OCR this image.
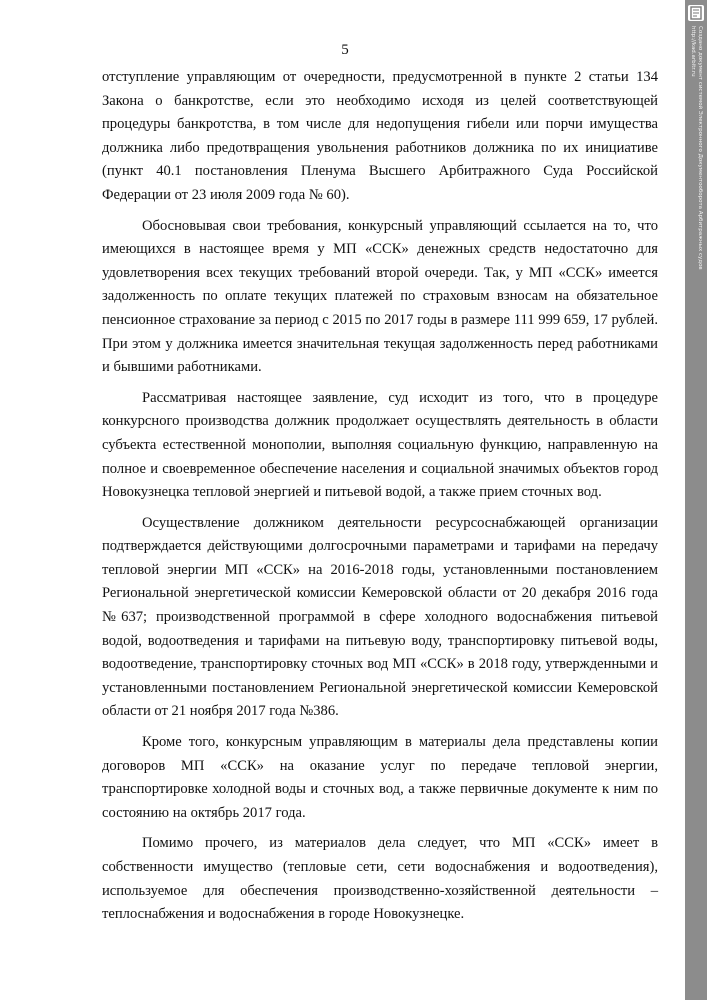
5

отступление управляющим от очередности, предусмотренной в пункте 2 статьи 134 Закона о банкротстве, если это необходимо исходя из целей соответствующей процедуры банкротства, в том числе для недопущения гибели или порчи имущества должника либо предотвращения увольнения работников должника по их инициативе (пункт 40.1 постановления Пленума Высшего Арбитражного Суда Российской Федерации от 23 июля 2009 года № 60).

Обосновывая свои требования, конкурсный управляющий ссылается на то, что имеющихся в настоящее время у МП «ССК» денежных средств недостаточно для удовлетворения всех текущих требований второй очереди. Так, у МП «ССК» имеется задолженность по оплате текущих платежей по страховым взносам на обязательное пенсионное страхование за период с 2015 по 2017 годы в размере 111 999 659, 17 рублей. При этом у должника имеется значительная текущая задолженность перед работниками и бывшими работниками.

Рассматривая настоящее заявление, суд исходит из того, что в процедуре конкурсного производства должник продолжает осуществлять деятельность в области субъекта естественной монополии, выполняя социальную функцию, направленную на полное и своевременное обеспечение населения и социальной значимых объектов город Новокузнецка тепловой энергией и питьевой водой, а также прием сточных вод.

Осуществление должником деятельности ресурсоснабжающей организации подтверждается действующими долгосрочными параметрами и тарифами на передачу тепловой энергии МП «ССК» на 2016-2018 годы, установленными постановлением Региональной энергетической комиссии Кемеровской области от 20 декабря 2016 года №637; производственной программой в сфере холодного водоснабжения питьевой водой, водоотведения и тарифами на питьевую воду, транспортировку питьевой воды, водоотведение, транспортировку сточных вод МП «ССК» в 2018 году, утвержденными и установленными постановлением Региональной энергетической комиссии Кемеровской области от 21 ноября 2017 года №386.

Кроме того, конкурсным управляющим в материалы дела представлены копии договоров МП «ССК» на оказание услуг по передаче тепловой энергии, транспортировке холодной воды и сточных вод, а также первичные документе к ним по состоянию на октябрь 2017 года.

Помимо прочего, из материалов дела следует, что МП «ССК» имеет в собственности имущество (тепловые сети, сети водоснабжения и водоотведения), используемое для обеспечения производственно-хозяйственной деятельности – теплоснабжения и водоснабжения в городе Новокузнецке.

Создано документ системой Электронного Документооборота Арбитражных судов
http://kad.arbitr.ru
